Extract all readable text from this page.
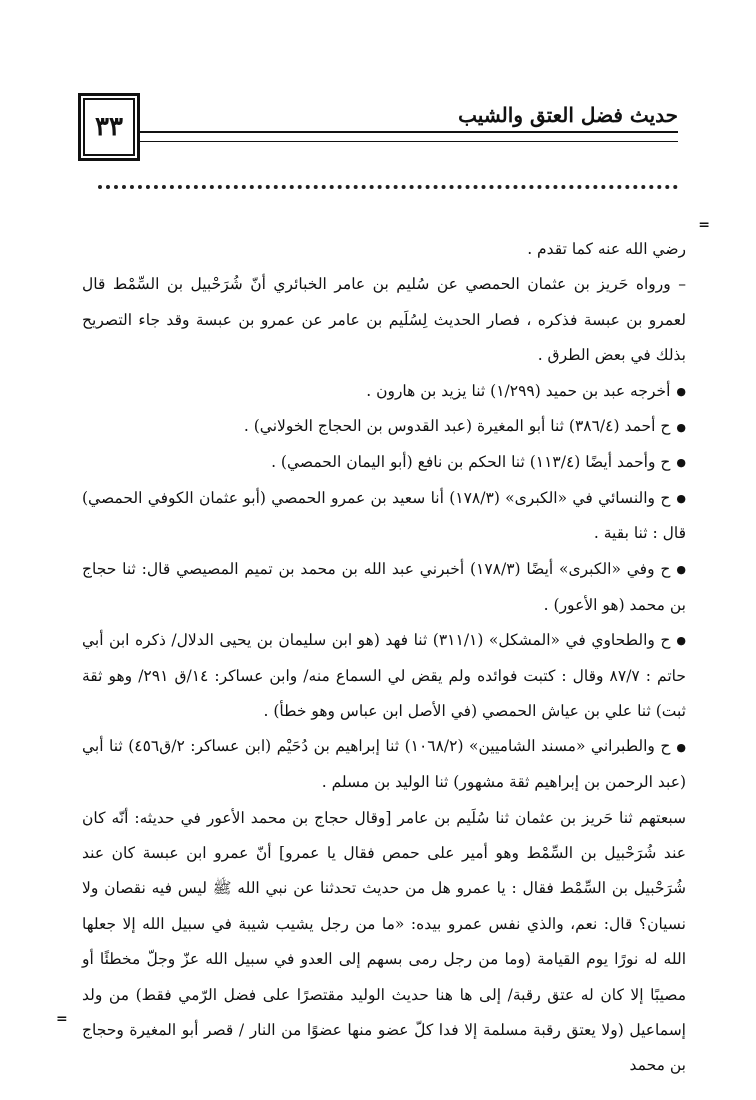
٣٣	حديث فضل العتق والشيب
=
=

رضي الله عنه كما تقدم .

– ورواه حَريز بن عثمان الحمصي عن سُليم بن عامر الخبائري أنّ شُرَحْبيل بن السِّمْط قال لعمرو بن عبسة فذكره ، فصار الحديث لِسُلَيم بن عامر عن عمرو بن عبسة وقد جاء التصريح بذلك في بعض الطرق .

●أخرجه عبد بن حميد (١/٢٩٩) ثنا يزيد بن هارون .

●ح أحمد (٣٨٦/٤) ثنا أبو المغيرة (عبد القدوس بن الحجاج الخولاني) .

●ح وأحمد أيضًا (١١٣/٤) ثنا الحكم بن نافع (أبو اليمان الحمصي) .

●ح والنسائي في «الكبرى» (١٧٨/٣) أنا سعيد بن عمرو الحمصي (أبو عثمان الكوفي الحمصي) قال : ثنا بقية .

●ح وفي «الكبرى» أيضًا (١٧٨/٣) أخبرني عبد الله بن محمد بن تميم المصيصي قال: ثنا حجاج بن محمد (هو الأعور) .

●ح والطحاوي في «المشكل» (٣١١/١) ثنا فهد (هو ابن سليمان بن يحيى الدلال/ ذكره ابن أبي حاتم : ٨٧/٧ وقال : كتبت فوائده ولم يقض لي السماع منه/ وابن عساكر: ١٤/ق ٢٩١/ وهو ثقة ثبت) ثنا علي بن عياش الحمصي (في الأصل ابن عباس وهو خطأ) .

●ح والطبراني «مسند الشاميين» (١٠٦٨/٢) ثنا إبراهيم بن دُحَيْم (ابن عساكر: ٢/ق٤٥٦) ثنا أبي (عبد الرحمن بن إبراهيم ثقة مشهور) ثنا الوليد بن مسلم .

سبعتهم ثنا حَريز بن عثمان ثنا سُلَيم بن عامر [وقال حجاج بن محمد الأعور في حديثه: أنّه كان عند شُرَحْبيل بن السِّمْط وهو أمير على حمص فقال يا عمرو] أنّ عمرو ابن عبسة كان عند شُرَحْبيل بن السِّمْط فقال : يا عمرو هل من حديث تحدثنا عن نبي الله ﷺ ليس فيه نقصان ولا نسيان؟ قال: نعم، والذي نفس عمرو بيده: «ما من رجل يشيب شيبة في سبيل الله إلا جعلها الله له نورًا يوم القيامة (وما من رجل رمى بسهم إلى العدو في سبيل الله عزّ وجلّ مخطئًا أو مصيبًا إلا كان له عتق رقبة/ إلى ها هنا حديث الوليد مقتصرًا على فضل الرّمي فقط) من ولد إسماعيل (ولا يعتق رقبة مسلمة إلا فدا كلّ عضو منها عضوًا من النار / قصر أبو المغيرة وحجاج بن محمد
